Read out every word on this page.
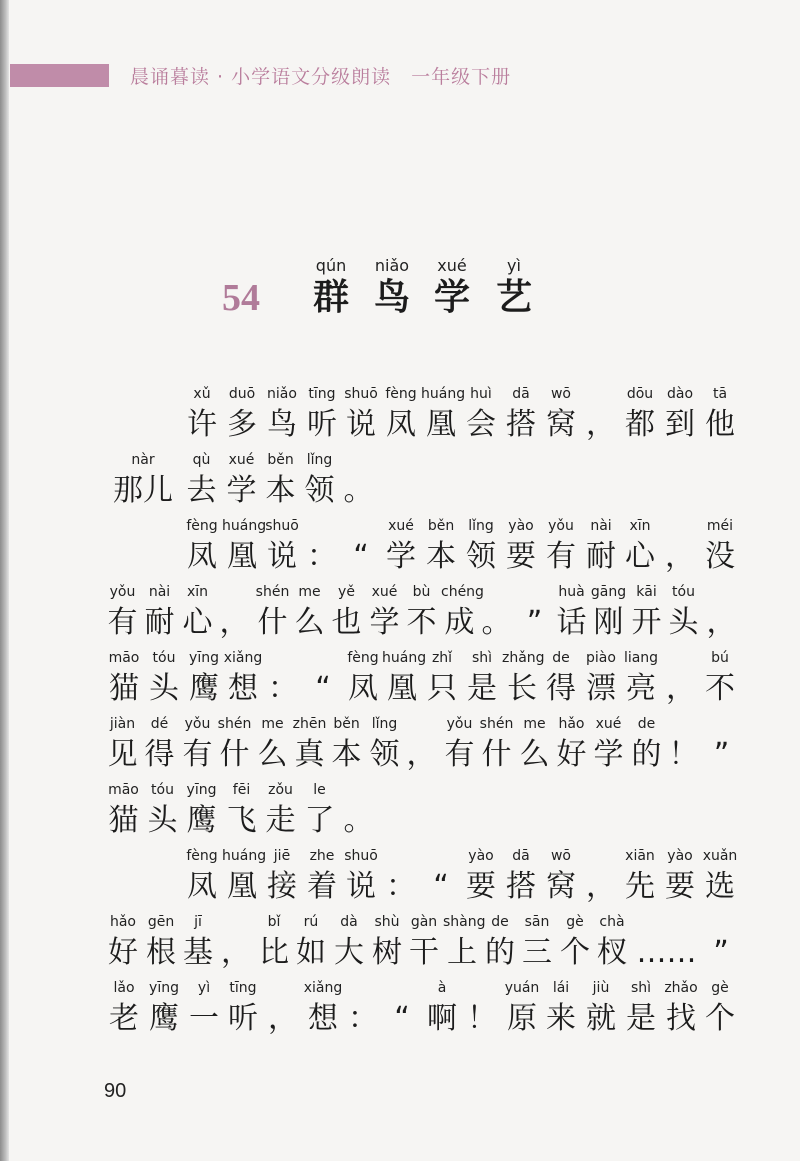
晨诵暮读 · 小学语文分级朗读　一年级下册
54
qún
群
niǎo
鸟
xué
学
yì
艺
xǔ
许
duō
多
niǎo
鸟
tīng
听
shuō
说
fèng
凤
huáng
凰
huì
会
dā
搭
wō
窝 ，
dōu
都
dào
到
tā
他
nàr
那儿
qù
去
xué
学
běn
本
lǐng
领 。
fèng
凤
huáng
凰
shuō
说 ： “
xué
学
běn
本
lǐng
领
yào
要
yǒu
有
nài
耐
xīn
心 ，
méi
没
yǒu
有
nài
耐
xīn
心 ，
shén
什
me
么
yě
也
xué
学
bù
不
chéng
成 。 ”
huà
话
gāng
刚
kāi
开
tóu
头 ，
māo
猫
tóu
头
yīng
鹰
xiǎng
想 ： “
fèng
凤
huáng
凰
zhǐ
只
shì
是
zhǎng
长
de
得
piào
漂
liang
亮 ，
bú
不
jiàn
见
dé
得
yǒu
有
shén
什
me
么
zhēn
真
běn
本
lǐng
领 ，
yǒu
有
shén
什
me
么
hǎo
好
xué
学
de
的 ！ ”
māo
猫
tóu
头
yīng
鹰
fēi
飞
zǒu
走
le
了 。
fèng
凤
huáng
凰
jiē
接
zhe
着
shuō
说 ： “
yào
要
dā
搭
wō
窝 ，
xiān
先
yào
要
xuǎn
选
hǎo
好
gēn
根
jī
基 ，
bǐ
比
rú
如
dà
大
shù
树
gàn
干
shàng
上
de
的
sān
三
gè
个
chà
杈 …… ”
lǎo
老
yīng
鹰
yì
一
tīng
听 ，
xiǎng
想 ： “
à
啊 ！
yuán
原
lái
来
jiù
就
shì
是
zhǎo
找
gè
个
90
